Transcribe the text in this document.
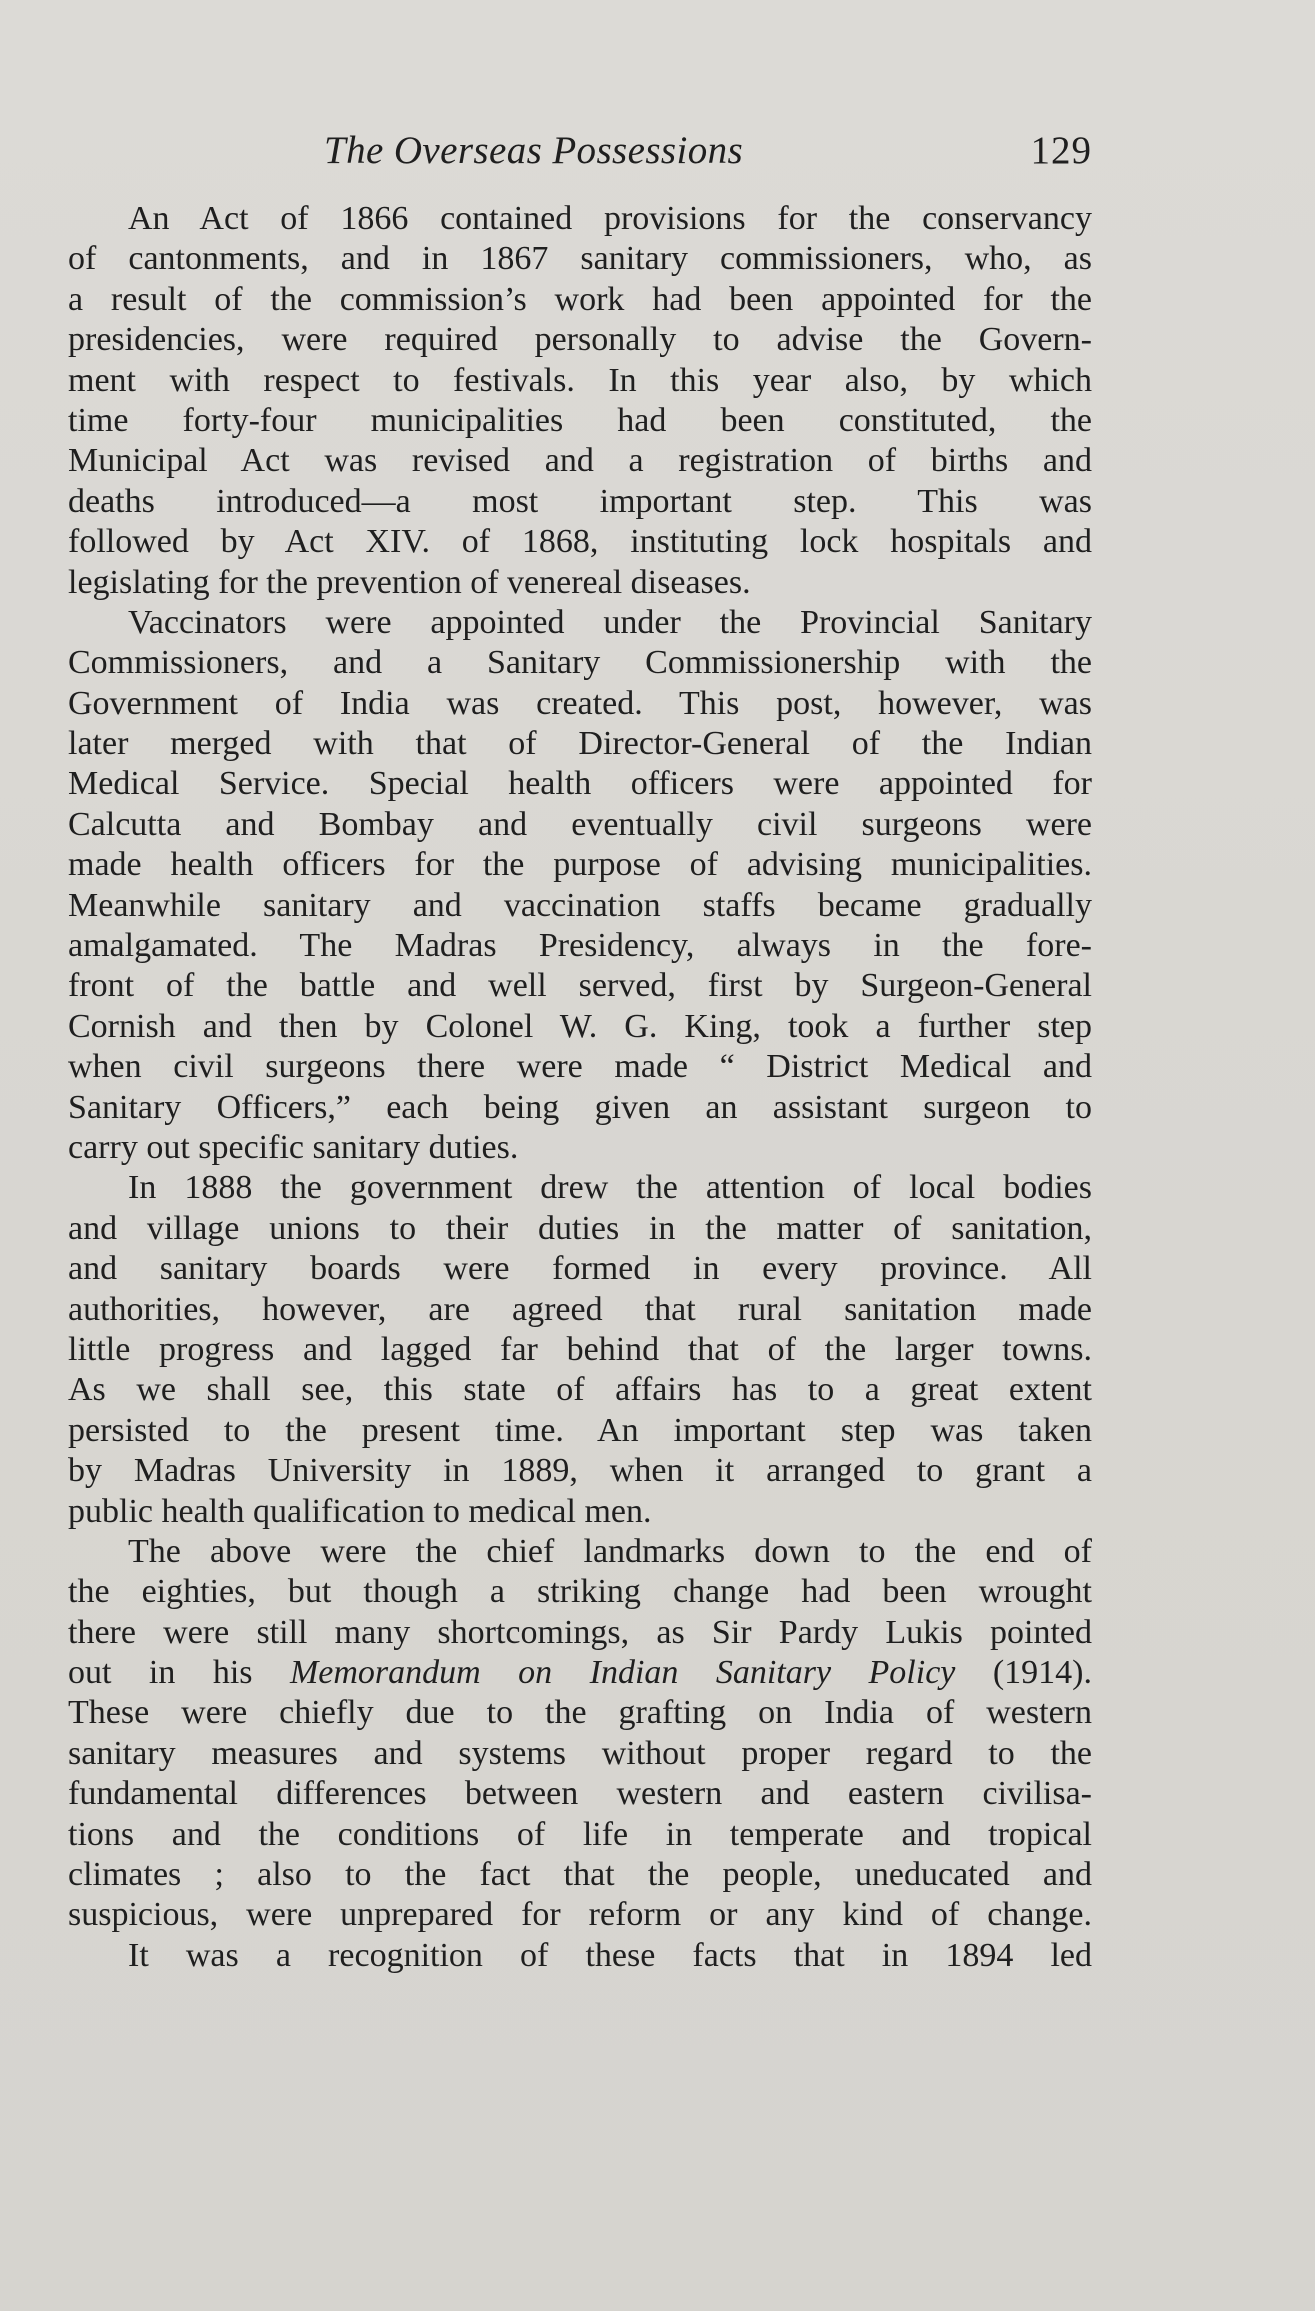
The Overseas Possessions	129
An Act of 1866 contained provisions for the conservancy
of cantonments, and in 1867 sanitary commissioners, who, as
a result of the commission’s work had been appointed for the
presidencies, were required personally to advise the Govern-
ment with respect to festivals. In this year also, by which
time forty-four municipalities had been constituted, the
Municipal Act was revised and a registration of births and
deaths introduced—a most important step. This was
followed by Act XIV. of 1868, instituting lock hospitals and
legislating for the prevention of venereal diseases.
Vaccinators were appointed under the Provincial Sanitary
Commissioners, and a Sanitary Commissionership with the
Government of India was created. This post, however, was
later merged with that of Director-General of the Indian
Medical Service. Special health officers were appointed for
Calcutta and Bombay and eventually civil surgeons were
made health officers for the purpose of advising municipalities.
Meanwhile sanitary and vaccination staffs became gradually
amalgamated. The Madras Presidency, always in the fore-
front of the battle and well served, first by Surgeon-General
Cornish and then by Colonel W. G. King, took a further step
when civil surgeons there were made “ District Medical and
Sanitary Officers,” each being given an assistant surgeon to
carry out specific sanitary duties.
In 1888 the government drew the attention of local bodies
and village unions to their duties in the matter of sanitation,
and sanitary boards were formed in every province. All
authorities, however, are agreed that rural sanitation made
little progress and lagged far behind that of the larger towns.
As we shall see, this state of affairs has to a great extent
persisted to the present time. An important step was taken
by Madras University in 1889, when it arranged to grant a
public health qualification to medical men.
The above were the chief landmarks down to the end of
the eighties, but though a striking change had been wrought
there were still many shortcomings, as Sir Pardy Lukis pointed
out in his Memorandum on Indian Sanitary Policy (1914).
These were chiefly due to the grafting on India of western
sanitary measures and systems without proper regard to the
fundamental differences between western and eastern civilisa-
tions and the conditions of life in temperate and tropical
climates ; also to the fact that the people, uneducated and
suspicious, were unprepared for reform or any kind of change.
It was a recognition of these facts that in 1894 led
